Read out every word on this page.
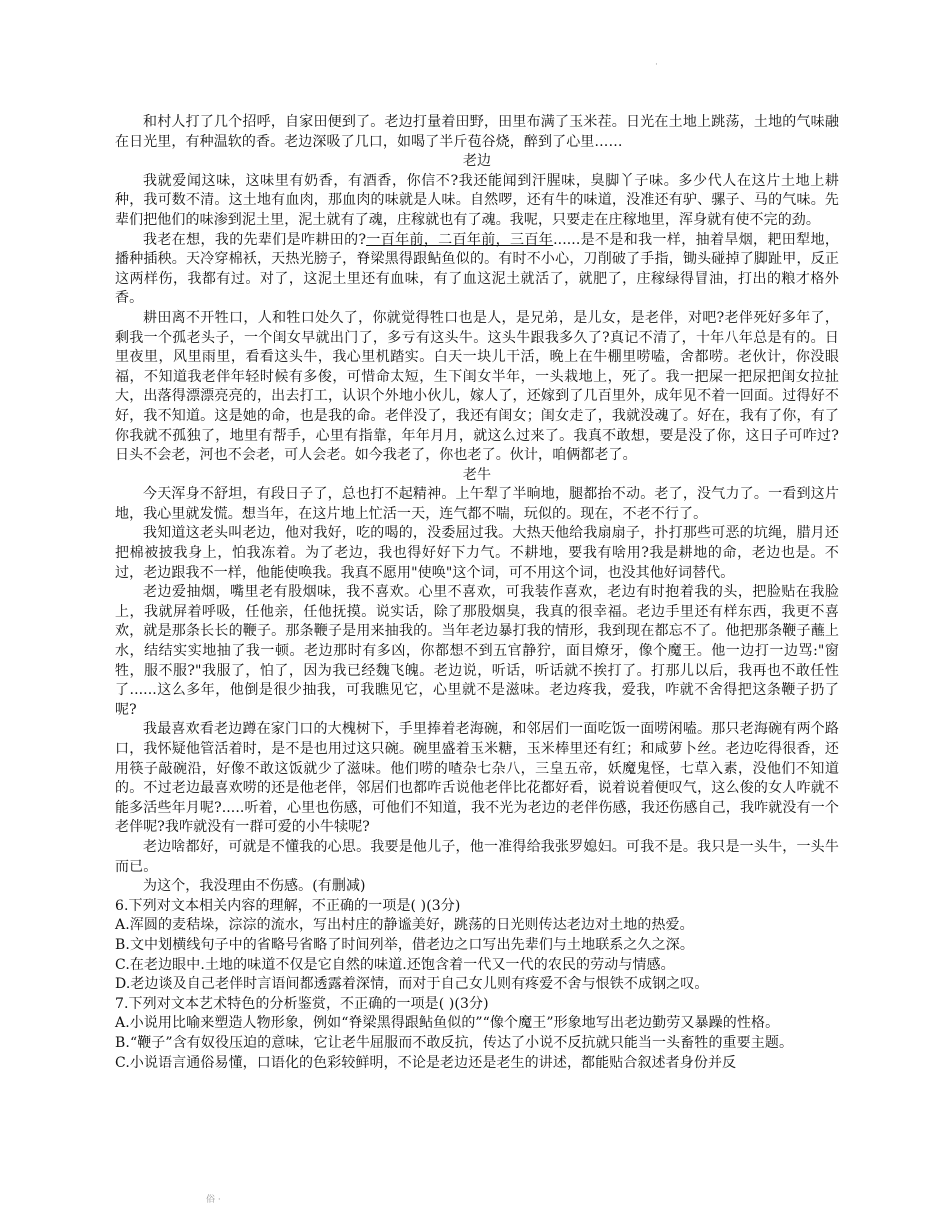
·

和村人打了几个招呼，自家田便到了。老边打量着田野，田里布满了玉米茬。日光在土地上跳荡，土地的气味融在日光里，有种温软的香。老边深吸了几口，如喝了半斤苞谷烧，醉到了心里……

老边

我就爱闻这味，这味里有奶香，有酒香，你信不?我还能闻到汗腥味，臭脚丫子味。多少代人在这片土地上耕种，我可数不清。这土地有血肉，那血肉的味就是人味。自然啰，还有牛的味道，没准还有驴、骡子、马的气味。先辈们把他们的味渗到泥土里，泥土就有了魂，庄稼就也有了魂。我呢，只要走在庄稼地里，浑身就有使不完的劲。

我老在想，我的先辈们是咋耕田的?一百年前，二百年前，三百年......是不是和我一样，抽着旱烟，耙田犁地，播种插秧。天冷穿棉袄，天热光膀子，脊梁黑得跟鲇鱼似的。有时不小心，刀削破了手指，锄头碰掉了脚趾甲，反正这两样伤，我都有过。对了，这泥土里还有血味，有了血这泥土就活了，就肥了，庄稼绿得冒油，打出的粮才格外香。

耕田离不开牲口，人和牲口处久了，你就觉得牲口也是人，是兄弟，是儿女，是老伴，对吧?老伴死好多年了，剩我一个孤老头子，一个闺女早就出门了，多亏有这头牛。这头牛跟我多久了?真记不清了，十年八年总是有的。日里夜里，风里雨里，看看这头牛，我心里机踏实。白天一块儿干活，晚上在牛棚里唠嗑，舍都唠。老伙计，你没眼福，不知道我老伴年轻时候有多俊，可惜命太短，生下闺女半年，一头栽地上，死了。我一把屎一把尿把闺女拉扯大，出落得漂漂亮亮的，出去打工，认识个外地小伙儿，嫁人了，还嫁到了几百里外，成年见不着一回面。过得好不好，我不知道。这是她的命，也是我的命。老伴没了，我还有闺女；闺女走了，我就没魂了。好在，我有了你，有了你我就不孤独了，地里有帮手，心里有指靠，年年月月，就这么过来了。我真不敢想，要是没了你，这日子可咋过?日头不会老，河也不会老，可人会老。如今我老了，你也老了。伙计，咱俩都老了。

老牛

今天浑身不舒坦，有段日子了，总也打不起精神。上午犁了半晌地，腿都抬不动。老了，没气力了。一看到这片地，我心里就发慌。想当年，在这片地上忙活一天，连气都不喘，玩似的。现在，不老不行了。

我知道这老头叫老边，他对我好，吃的喝的，没委屈过我。大热天他给我扇扇子，扑打那些可恶的坑绳，腊月还把棉被披我身上，怕我冻着。为了老边，我也得好好下力气。不耕地，要我有啥用?我是耕地的命，老边也是。不过，老边跟我不一样，他能使唤我。我真不愿用"使唤"这个词，可不用这个词，也没其他好词替代。

老边爱抽烟，嘴里老有股烟味，我不喜欢。心里不喜欢，可我装作喜欢，老边有时抱着我的头，把脸贴在我脸上，我就屏着呼吸，任他亲，任他抚摸。说实话，除了那股烟臭，我真的很幸福。老边手里还有样东西，我更不喜欢，就是那条长长的鞭子。那条鞭子是用来抽我的。当年老边暴打我的情形，我到现在都忘不了。他把那条鞭子蘸上水，结结实实地抽了我一顿。老边那时有多凶，你都想不到五官静狞，面目燎牙，像个魔王。他一边打一边骂:"窗牲，服不服?"我服了，怕了，因为我已经魏飞魄。老边说，听话，听话就不挨打了。打那儿以后，我再也不敢任性了......这么多年，他倒是很少抽我，可我瞧见它，心里就不是滋味。老边疼我，爱我，咋就不舍得把这条鞭子扔了呢?

我最喜欢看老边蹲在家门口的大槐树下，手里捧着老海碗，和邻居们一面吃饭一面唠闲嗑。那只老海碗有两个路口，我怀疑他管活着时，是不是也用过这只碗。碗里盛着玉米糖，玉米棒里还有红；和咸萝卜丝。老边吃得很香，还用筷子敲碗沿，好像不敢这饭就少了滋味。他们唠的喳杂七杂八，三皇五帝，妖魔鬼怪，七草入素，没他们不知道的。不过老边最喜欢唠的还是他老伴，邻居们也都咋舌说他老伴比花都好看，说着说着便叹气，这么俊的女人咋就不能多活些年月呢?.....听着，心里也伤感，可他们不知道，我不光为老边的老伴伤感，我还伤感自己，我咋就没有一个老伴呢?我咋就没有一群可爱的小牛犊呢?

老边啥都好，可就是不懂我的心思。我要是他儿子，他一准得给我张罗媳妇。可我不是。我只是一头牛，一头牛而已。

为这个，我没理由不伤感。(有删减)

6.下列对文本相关内容的理解，不正确的一项是( )(3分)

A.浑圆的麦秸垛，淙淙的流水，写出村庄的静谧美好，跳荡的日光则传达老边对土地的热爱。

B.文中划横线句子中的省略号省略了时间列举，借老边之口写出先辈们与土地联系之久之深。

C.在老边眼中.土地的味道不仅是它自然的味道.还饱含着一代又一代的农民的劳动与情感。

D.老边谈及自己老伴时言语间都透露着深情，而对于自己女儿则有疼爱不舍与恨铁不成钢之叹。

7.下列对文本艺术特色的分析鉴赏，不正确的一项是( )(3分)

A.小说用比喻来塑造人物形象，例如“脊梁黑得跟鲇鱼似的”“像个魔王”形象地写出老边勤劳又暴躁的性格。

B.“鞭子”含有奴役压迫的意味，它让老牛屈服而不敢反抗，传达了小说不反抗就只能当一头畜牲的重要主题。

C.小说语言通俗易懂，口语化的色彩较鲜明，不论是老边还是老生的讲述，都能贴合叙述者身份并反

俗 ·
